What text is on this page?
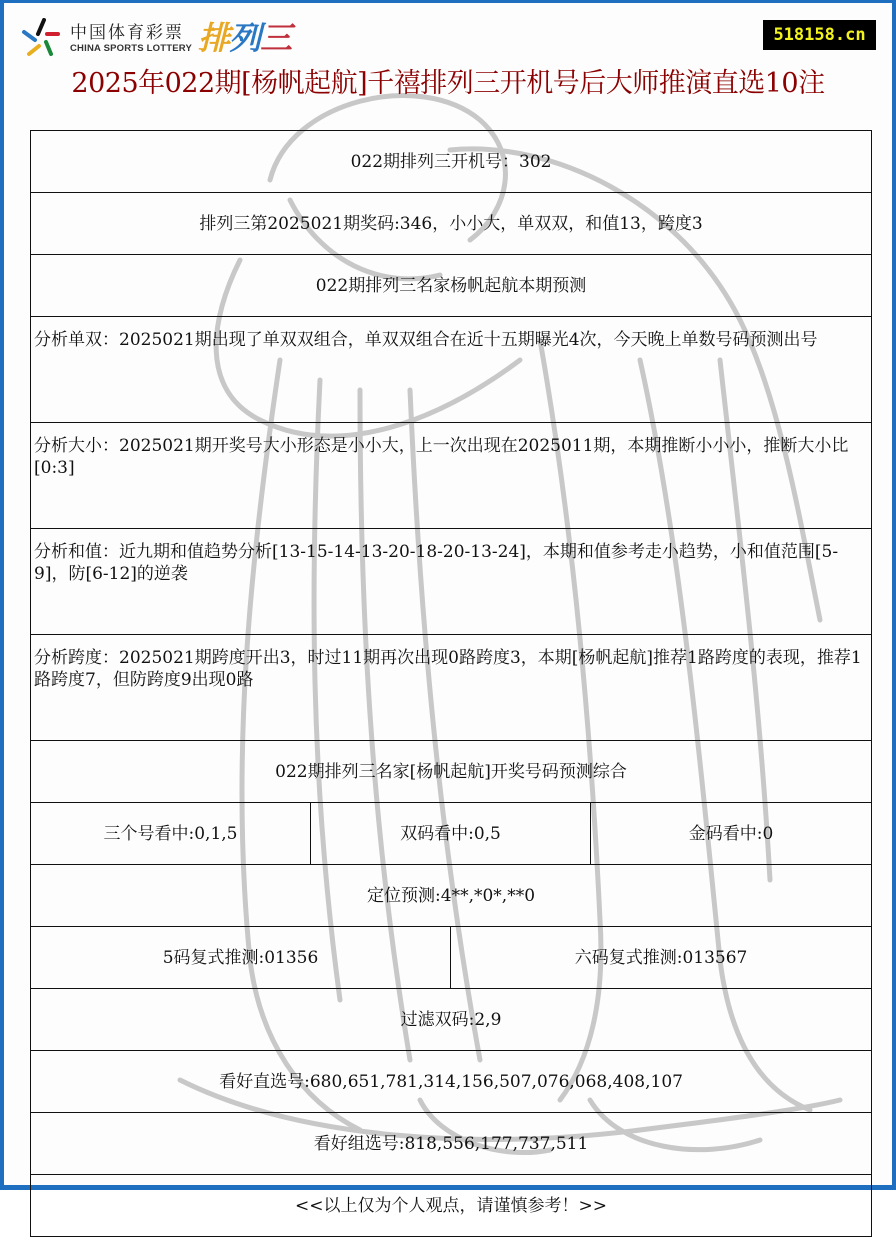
中国体育彩票
CHINA SPORTS LOTTERY 排列三	518158.cn
2025年022期[杨帆起航]千禧排列三开机号后大师推演直选10注
022期排列三开机号：302			
排列三第2025021期奖码:346，小小大，单双双，和值13，跨度3			
022期排列三名家杨帆起航本期预测			
分析单双：2025021期出现了单双双组合，单双双组合在近十五期曝光4次，今天晚上单数号码预测出号			
分析大小：2025021期开奖号大小形态是小小大，上一次出现在2025011期，本期推断小小小，推断大小比[0:3]			
分析和值：近九期和值趋势分析[13-15-14-13-20-18-20-13-24]，本期和值参考走小趋势，小和值范围[5-9]，防[6-12]的逆袭			
分析跨度：2025021期跨度开出3，时过11期再次出现0路跨度3，本期[杨帆起航]推荐1路跨度的表现，推荐1路跨度7，但防跨度9出现0路			
022期排列三名家[杨帆起航]开奖号码预测综合			
三个号看中:0,1,5	双码看中:0,5		金码看中:0
定位预测:4**,*0*,**0			
5码复式推测:01356		六码复式推测:013567	
过滤双码:2,9			
看好直选号:680,651,781,314,156,507,076,068,408,107			
看好组选号:818,556,177,737,511			
<<以上仅为个人观点，请谨慎参考！>>			
